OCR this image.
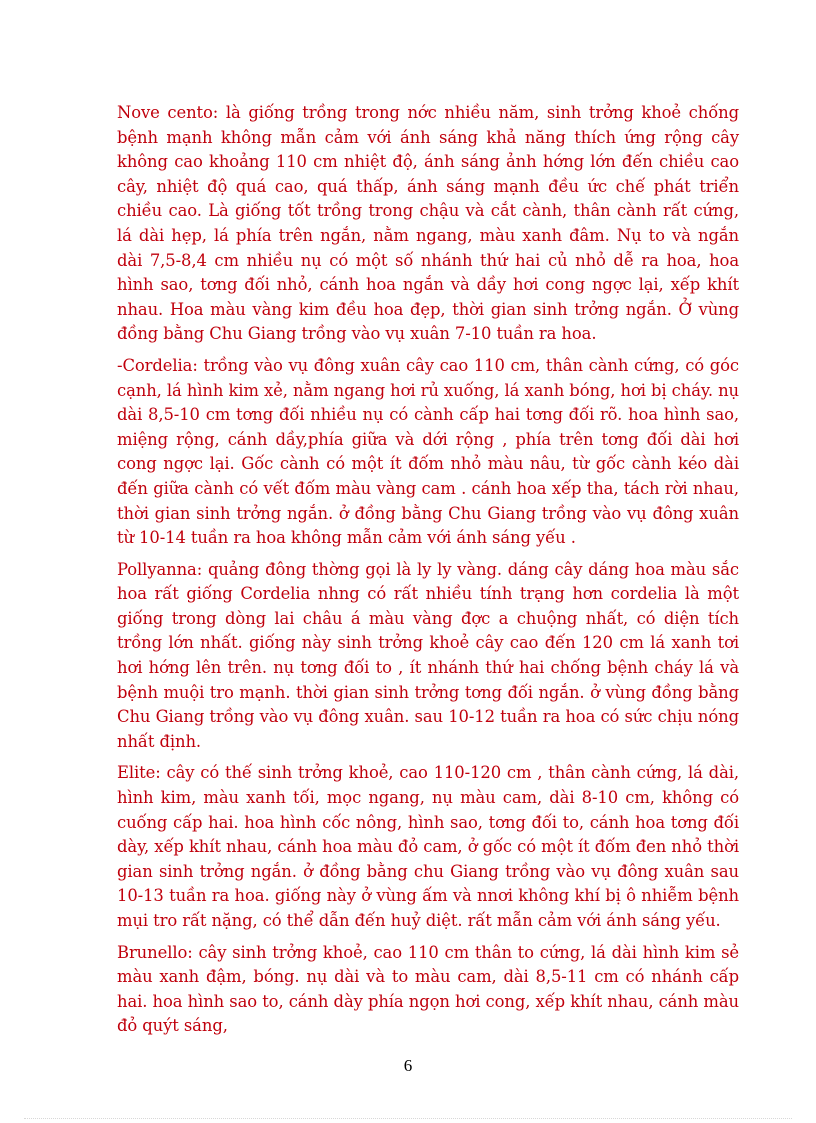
Nove cento: là giống trồng trong nớc nhiều năm, sinh trởng khoẻ chống bệnh mạnh không mẫn cảm với ánh sáng khả năng thích ứng rộng cây không cao khoảng 110 cm nhiệt độ, ánh sáng ảnh hớng lớn đến chiều cao cây, nhiệt độ quá cao, quá thấp, ánh sáng mạnh đều ức chế phát triển chiều cao. Là giống tốt trồng trong chậu và cắt cành, thân cành rất cứng, lá dài hẹp, lá phía trên ngắn, nằm ngang, màu xanh đâm. Nụ to và ngắn dài 7,5-8,4 cm nhiều nụ có một số nhánh thứ hai củ nhỏ dễ ra hoa, hoa hình sao, tơng đối nhỏ, cánh hoa ngắn và dầy hơi cong ngợc lại, xếp khít nhau. Hoa màu vàng kim đều hoa đẹp, thời gian sinh trởng ngắn. Ở vùng đồng bằng Chu Giang trồng vào vụ xuân 7-10 tuần ra hoa.

-Cordelia: trồng vào vụ đông xuân cây cao 110 cm, thân cành cứng, có góc cạnh, lá hình kim xẻ, nằm ngang hơi rủ xuống, lá xanh bóng, hơi bị cháy. nụ dài 8,5-10 cm tơng đối nhiều nụ có cành cấp hai tơng đối rõ. hoa hình sao, miệng rộng, cánh dầy,phía giữa và dới rộng , phía trên tơng đối dài hơi cong ngợc lại. Gốc cành có một ít đốm nhỏ màu nâu, từ gốc cành kéo dài đến giữa cành có vết đốm màu vàng cam . cánh hoa xếp tha, tách rời nhau, thời gian sinh trởng ngắn. ở đồng bằng Chu Giang trồng vào vụ đông xuân từ 10-14 tuần ra hoa không mẫn cảm với ánh sáng yếu .

Pollyanna: quảng đông thờng gọi là ly ly vàng. dáng cây dáng hoa màu sắc hoa rất giống Cordelia nhng có rất nhiều tính trạng hơn cordelia là một giống trong dòng lai châu á màu vàng đợc a chuộng nhất, có diện tích trồng lớn nhất. giống này sinh trởng khoẻ cây cao đến 120 cm lá xanh tơi hơi hớng lên trên. nụ tơng đối to , ít nhánh thứ hai chống bệnh cháy lá và bệnh muội tro mạnh. thời gian sinh trởng tơng đối ngắn. ở vùng đồng bằng Chu Giang trồng vào vụ đông xuân. sau 10-12 tuần ra hoa có sức chịu nóng nhất định.

Elite: cây có thế sinh trởng khoẻ, cao 110-120 cm , thân cành cứng, lá dài, hình kim, màu xanh tối, mọc ngang, nụ màu cam, dài 8-10 cm, không có cuống cấp hai. hoa hình cốc nông, hình sao, tơng đối to, cánh hoa tơng đối dày, xếp khít nhau, cánh hoa màu đỏ cam, ở gốc có một ít đốm đen nhỏ thời gian sinh trởng ngắn. ở đồng bằng chu Giang trồng vào vụ đông xuân sau 10-13 tuần ra hoa. giống này ở vùng ấm và nnơi không khí bị ô nhiễm bệnh mụi tro rất nặng, có thể dẫn đến huỷ diệt. rất mẫn cảm với ánh sáng yếu.

Brunello: cây sinh trởng khoẻ, cao 110 cm thân to cứng, lá dài hình kim sẻ màu xanh đậm, bóng. nụ dài và to màu cam, dài 8,5-11 cm có nhánh cấp hai. hoa hình sao to, cánh dày phía ngọn hơi cong, xếp khít nhau, cánh màu đỏ quýt sáng,

6
